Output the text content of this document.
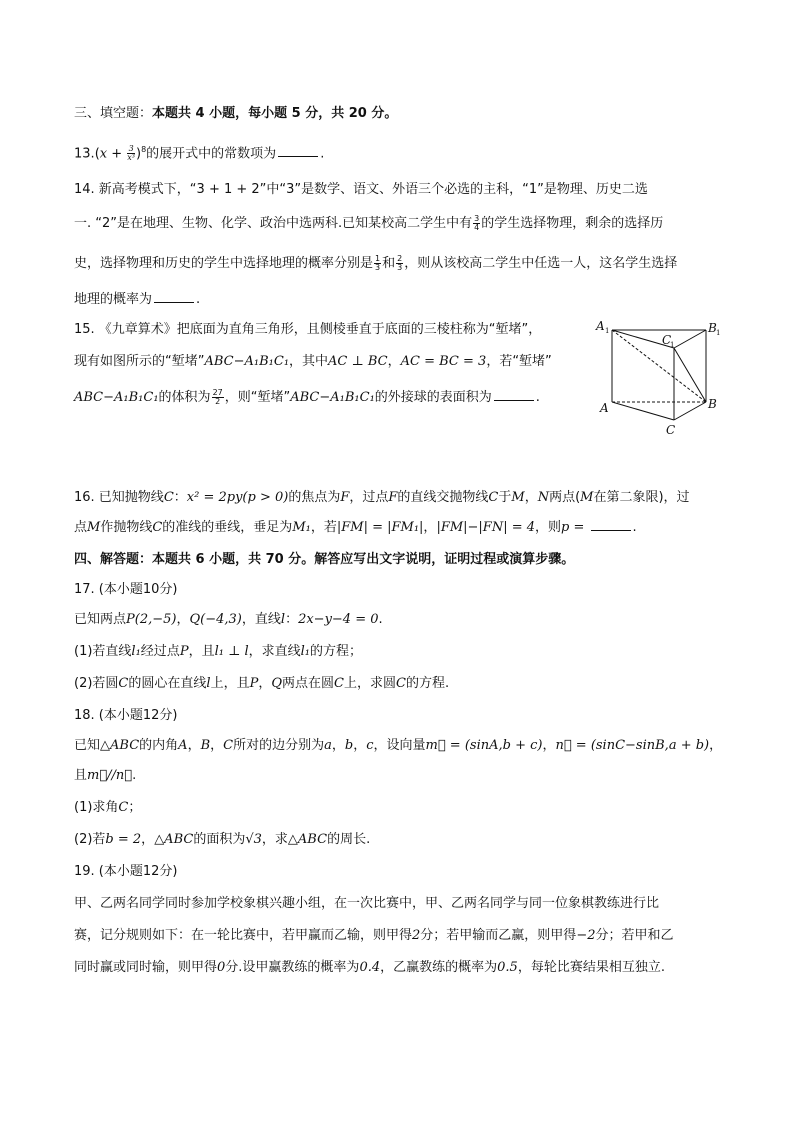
三、填空题：本题共 4 小题，每小题 5 分，共 20 分。
$13.(x + \frac{3}{\text{x³}} )^8$的展开式中的常数项为	.
14. 新高考模式下，“3 + 1 + 2”中“3”是数学、语文、外语三个必选的主科，“1”是物理、历史二选
一. “2”是在地理、生物、化学、政治中选两科.已知某校高二学生中有 $\frac{3}{4}$ 的学生选择物理，剩余的选择历
史，选择物理和历史的学生中选择地理的概率分别是 $\frac{1}{3}$ 和 $\frac{2}{3}$ ，则从该校高二学生中任选一人，这名学生选择
地理的概率为	.
15. 《九章算术》把底面为直角三角形，且侧棱垂直于底面的三棱柱称为“堑堵”，
现有如图所示的“堑堵”ABC−A₁B₁C₁，其中AC ⊥ BC，AC = BC = 3，若“堑堵”
ABC−A₁B₁C₁的体积为 $\frac{27}{2}$ ，则“堑堵”ABC−A₁B₁C₁的外接球的表面积为	.
A 1	B 1
C
1
A	B
C
16. 已知抛物线C：x² = 2py(p > 0)的焦点为F，过点F的直线交抛物线C于M，N两点(M在第二象限)，过
点M作抛物线C的准线的垂线，垂足为M₁，若|FM| = |FM₁|，|FM|−|FN| = 4，则p =	.
四、解答题：本题共 6 小题，共 70 分。解答应写出文字说明，证明过程或演算步骤。
17. (本小题10分)
已知两点P(2,−5)，Q(−4,3)，直线l：2x−y−4 = 0.
(1)若直线l₁经过点P，且l₁ ⊥ l，求直线l₁的方程；
(2)若圆C的圆心在直线l上，且P，Q两点在圆C上，求圆C的方程.
18. (本小题12分)
已知△ABC的内角A，B，C所对的边分别为a，b，c，设向量m⃗ = (sinA,b + c)，n⃗ = (sinC−sinB,a + b)，
且m⃗//n⃗.
(1)求角C；
(2)若b = 2，△ABC的面积为√3，求△ABC的周长.
19. (本小题12分)
甲、乙两名同学同时参加学校象棋兴趣小组，在一次比赛中，甲、乙两名同学与同一位象棋教练进行比
赛，记分规则如下：在一轮比赛中，若甲赢而乙输，则甲得2分；若甲输而乙赢，则甲得−2分；若甲和乙
同时赢或同时输，则甲得0分.设甲赢教练的概率为0.4，乙赢教练的概率为0.5，每轮比赛结果相互独立.
